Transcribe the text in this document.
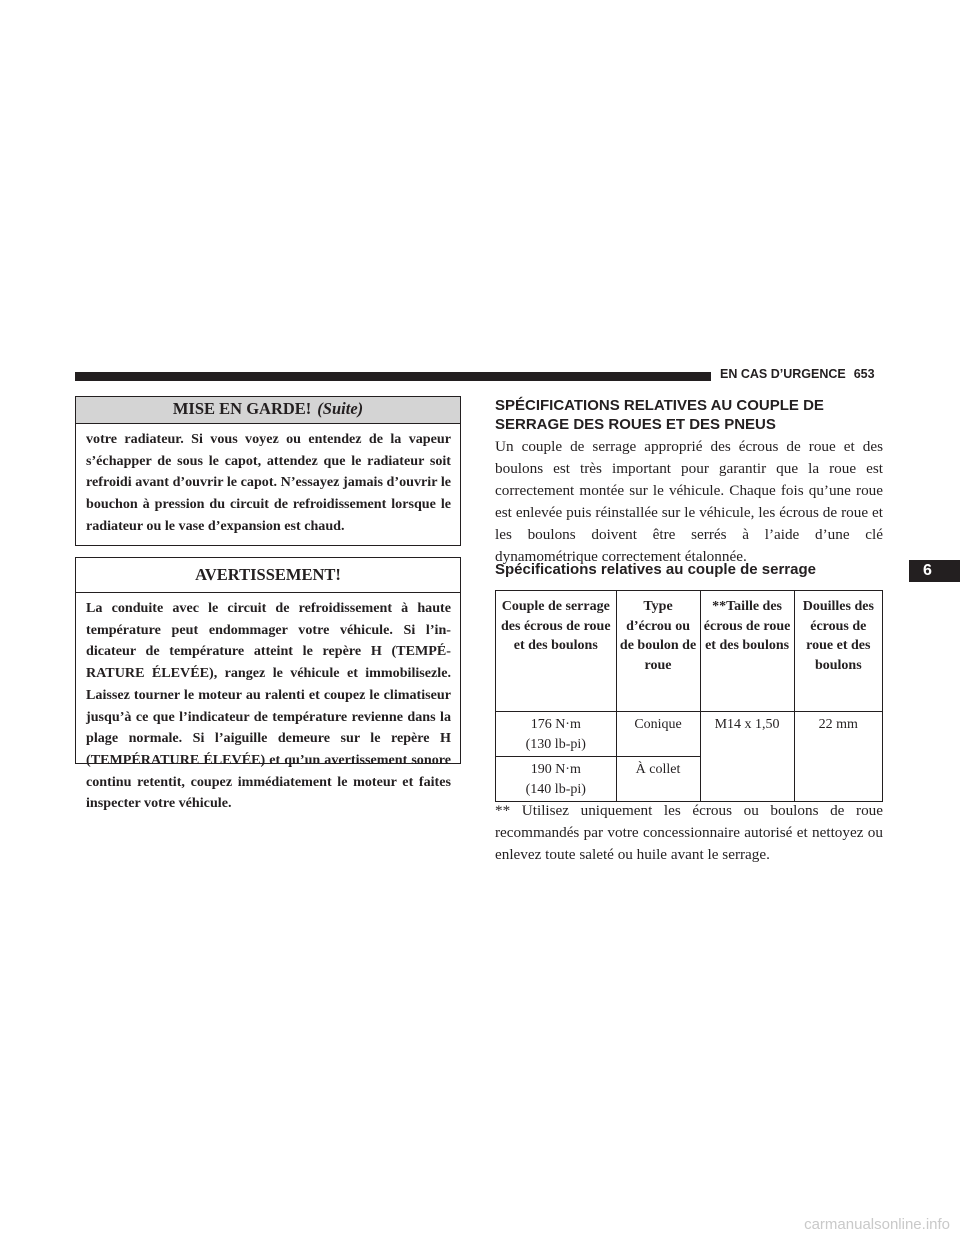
EN CAS D’URGENCE 653
MISE EN GARDE! (Suite)
votre radiateur. Si vous voyez ou entendez de la vapeur s’échapper de sous le capot, attendez que le radiateur soit refroidi avant d’ouvrir le capot. N’essayez jamais d’ouvrir le bouchon à pression du circuit de refroidissement lorsque le radiateur ou le vase d’expansion est chaud.
AVERTISSEMENT!
La conduite avec le circuit de refroidissement à haute température peut endommager votre véhicule. Si l’indicateur de température atteint le repère H (TEMPÉRATURE ÉLEVÉE), rangez le véhicule et immobilisezle. Laissez tourner le moteur au ralenti et coupez le climatiseur jusqu’à ce que l’indicateur de température revienne dans la plage normale. Si l’aiguille demeure sur le repère H (TEMPÉRATURE ÉLEVÉE) et qu’un avertissement sonore continu retentit, coupez immédiatement le moteur et faites inspecter votre véhicule.
SPÉCIFICATIONS RELATIVES AU COUPLE DE SERRAGE DES ROUES ET DES PNEUS
Un couple de serrage approprié des écrous de roue et des boulons est très important pour garantir que la roue est correctement montée sur le véhicule. Chaque fois qu’une roue est enlevée puis réinstallée sur le véhicule, les écrous de roue et les boulons doivent être serrés à l’aide d’une clé dynamométrique correctement étalonnée.
Spécifications relatives au couple de serrage
Couple de serrage des écrous de roue et des boulons	Type d’écrou ou de boulon de roue	**Taille des écrous de roue et des boulons	Douilles des écrous de roue et des boulons

176 N·m
(130 lb-pi)	Conique	M14 x 1,50	22 mm

190 N·m
(140 lb-pi)	À collet		
** Utilisez uniquement les écrous ou boulons de roue recommandés par votre concessionnaire autorisé et nettoyez ou enlevez toute saleté ou huile avant le serrage.
6
carmanualsonline.info
